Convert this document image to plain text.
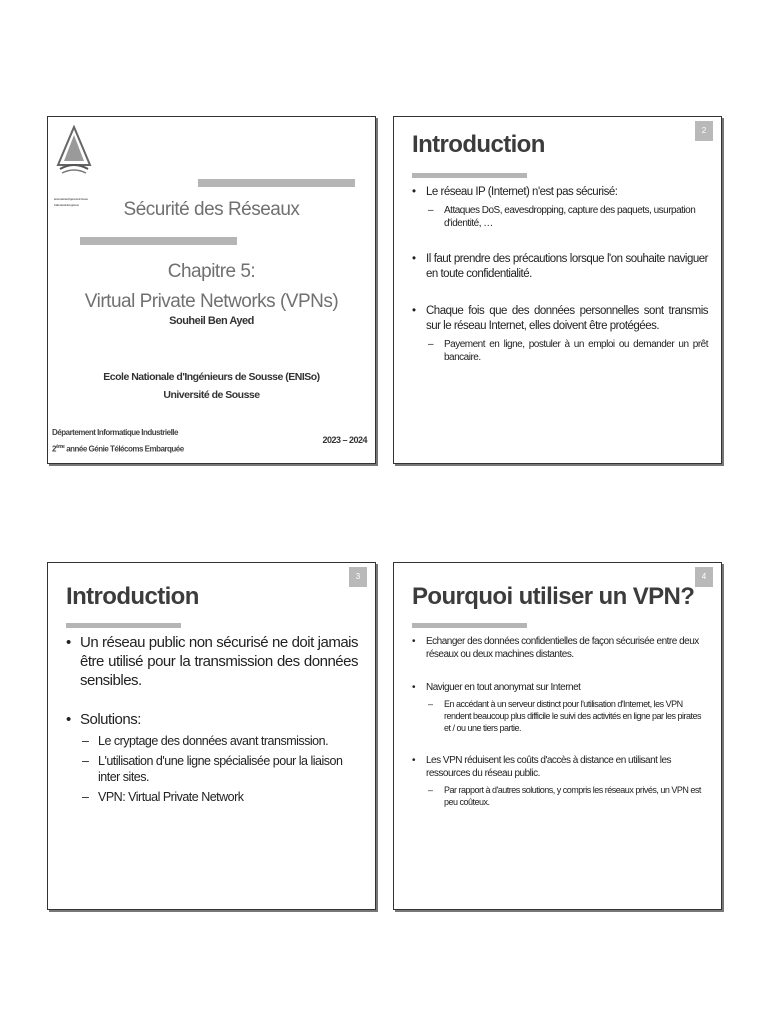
Ecole nationale d'Ingénieurs de Sousse
Institut national des ingénieurs	Sécurité des Réseaux
Chapitre 5:
Virtual Private Networks (VPNs)
Souheil Ben Ayed
Ecole Nationale d'Ingénieurs de Sousse (ENISo)
Université de Sousse
Département Informatique Industrielle
2ème année Génie Télécoms Embarquée
2023 – 2024
2
Introduction
• Le réseau IP (Internet) n'est pas sécurisé:
– Attaques DoS, eavesdropping, capture des paquets, usurpation d'identité, …
• Il faut prendre des précautions lorsque l'on souhaite naviguer en toute confidentialité.
• Chaque fois que des données personnelles sont transmis sur le réseau Internet, elles doivent être protégées.
– Payement en ligne, postuler à un emploi ou demander un prêt bancaire.
3
Introduction
• Un réseau public non sécurisé ne doit jamais être utilisé pour la transmission des données sensibles.
• Solutions:
– Le cryptage des données avant transmission.
– L'utilisation d'une ligne spécialisée pour la liaison inter sites.
– VPN: Virtual Private Network
4
Pourquoi utiliser un VPN?
• Echanger des données confidentielles de façon sécurisée entre deux réseaux ou deux machines distantes.
• Naviguer en tout anonymat sur Internet
– En accédant à un serveur distinct pour l'utilisation d'Internet, les VPN rendent beaucoup plus difficile le suivi des activités en ligne par les pirates et / ou une tiers partie.
• Les VPN réduisent les coûts d'accès à distance en utilisant les ressources du réseau public.
– Par rapport à d'autres solutions, y compris les réseaux privés, un VPN est peu coûteux.
